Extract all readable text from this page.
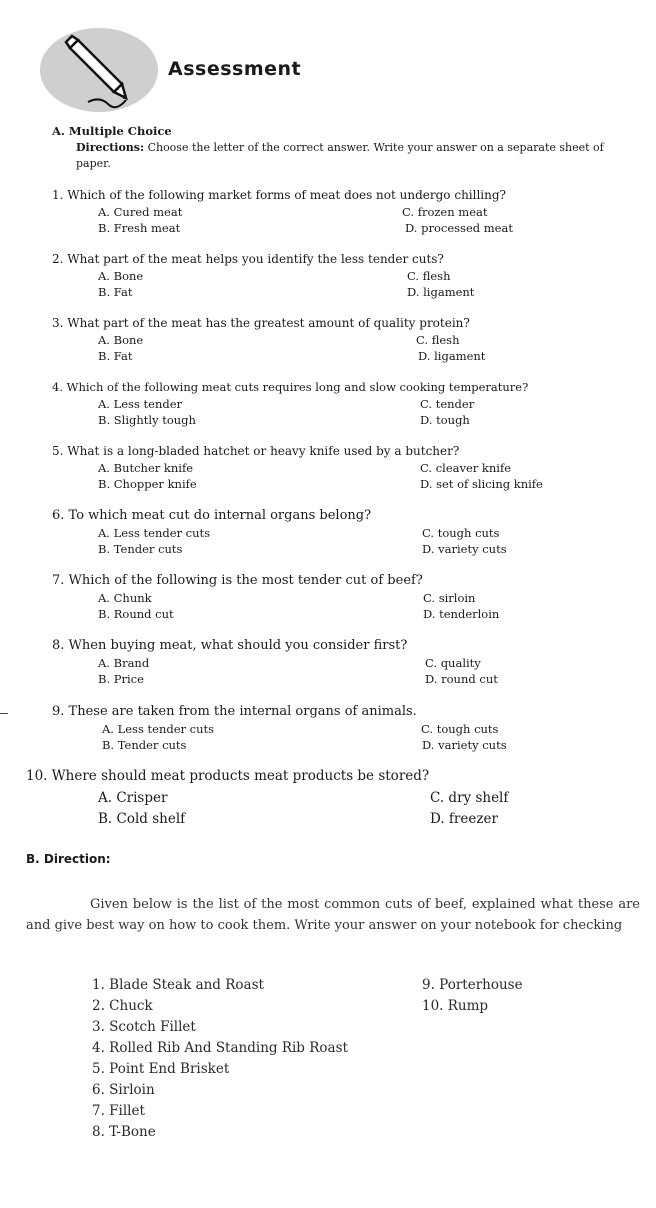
Assessment
A. Multiple Choice
Directions: Choose the letter of the correct answer. Write your answer on a separate sheet of paper.
1. Which of the following market forms of meat does not undergo chilling?
A. Cured meat
B. Fresh meat
C. frozen meat
D. processed meat
2. What part of the meat helps you identify the less tender cuts?
A. Bone
B. Fat
C. flesh
D. ligament
3. What part of the meat has the greatest amount of quality protein?
A. Bone
B. Fat
C. flesh
D. ligament
4. Which of the following meat cuts requires long and slow cooking temperature?
A. Less tender
B. Slightly tough
C. tender
D. tough
5. What is a long-bladed hatchet or heavy knife used by a butcher?
A. Butcher knife
B. Chopper knife
C. cleaver knife
D. set of slicing knife
6. To which meat cut do internal organs belong?
A. Less tender cuts
B. Tender cuts
C. tough cuts
D. variety cuts
7. Which of the following is the most tender cut of beef?
A. Chunk
B. Round cut
C. sirloin
D. tenderloin
8. When buying meat, what should you consider first?
A. Brand
B. Price
C. quality
D. round cut
9. These are taken from the internal organs of animals.
A. Less tender cuts
B. Tender cuts
C. tough cuts
D. variety cuts
10. Where should meat products meat products be stored?
A. Crisper
B. Cold shelf
C. dry shelf
D. freezer
B. Direction:
Given below is the list of the most common cuts of beef, explained what these are and give best way on how to cook them. Write your answer on your notebook for checking
1. Blade Steak and Roast
2. Chuck
3. Scotch Fillet
4. Rolled Rib And Standing Rib Roast
5. Point End Brisket
6. Sirloin
7. Fillet
8. T-Bone
9. Porterhouse
10. Rump
